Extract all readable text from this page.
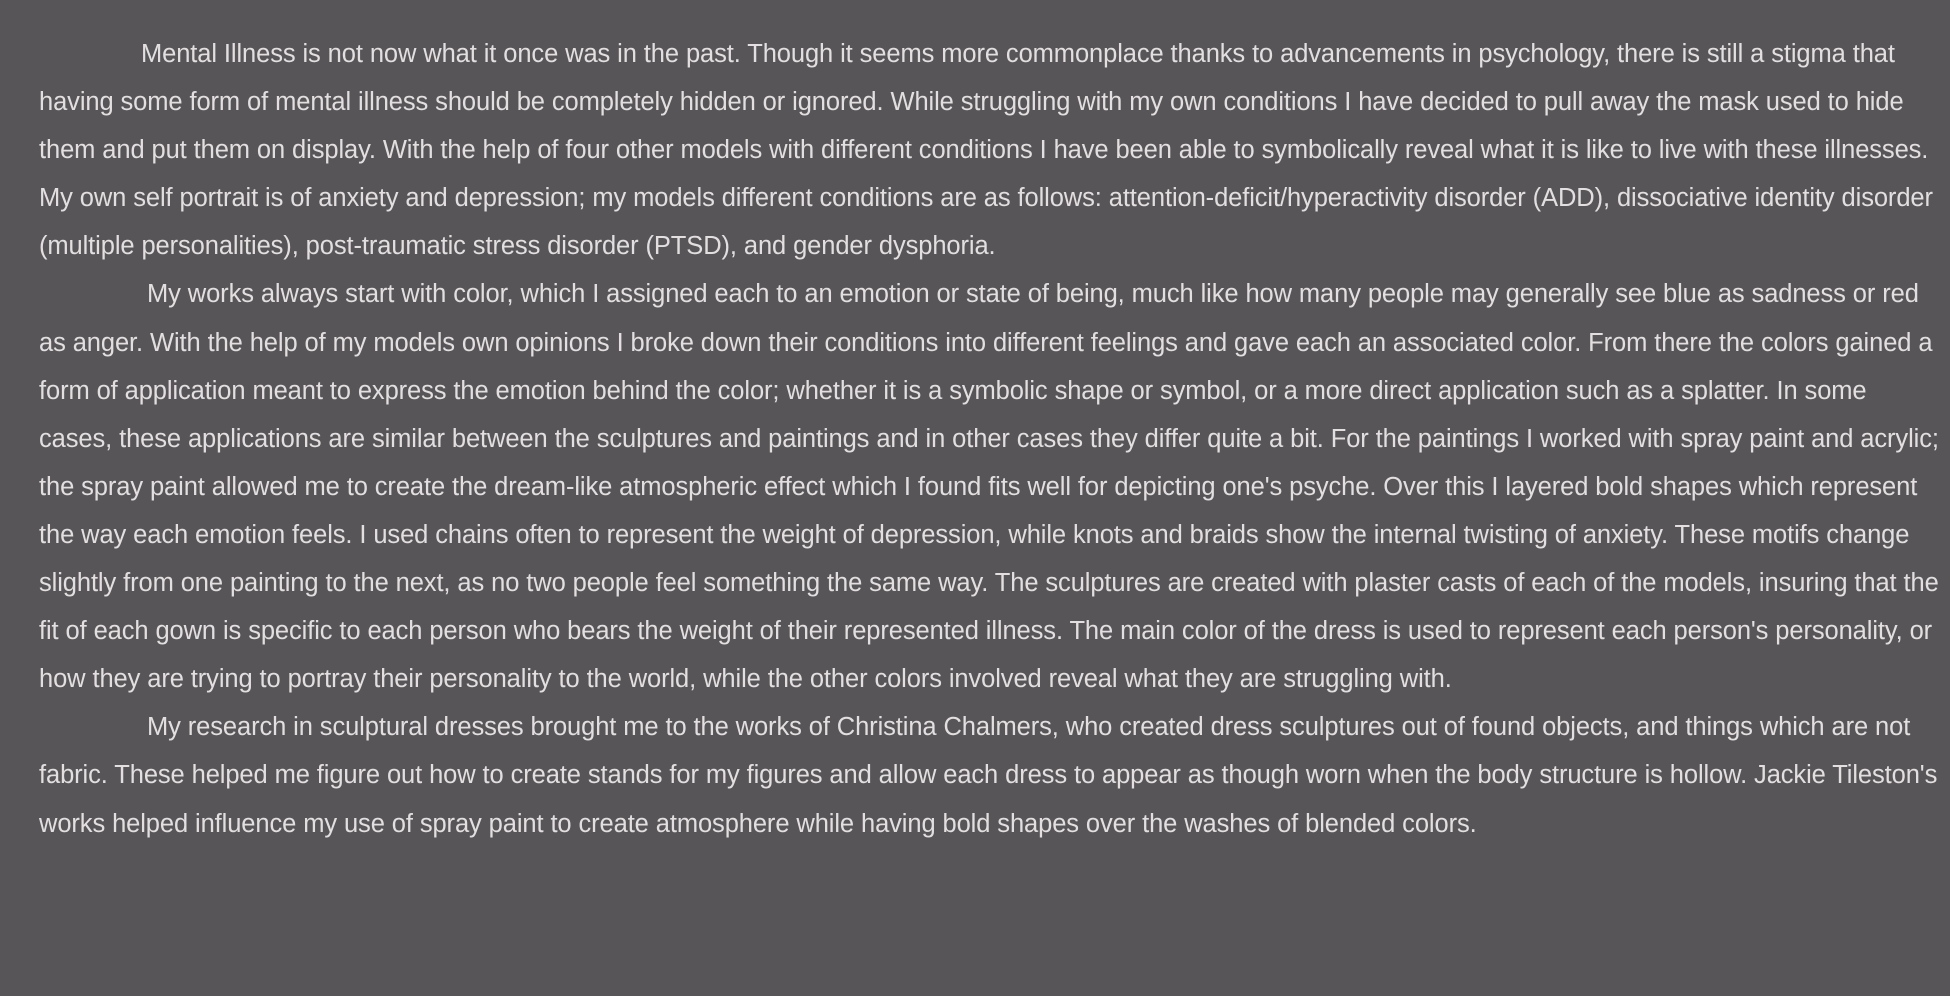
Mental Illness is not now what it once was in the past. Though it seems more commonplace thanks to advancements in psychology, there is still a stigma that having some form of mental illness should be completely hidden or ignored. While struggling with my own conditions I have decided to pull away the mask used to hide them and put them on display. With the help of four other models with different conditions I have been able to symbolically reveal what it is like to live with these illnesses. My own self portrait is of anxiety and depression; my models different conditions are as follows: attention-deficit/hyperactivity disorder (ADD), dissociative identity disorder (multiple personalities), post-traumatic stress disorder (PTSD), and gender dysphoria.

My works always start with color, which I assigned each to an emotion or state of being, much like how many people may generally see blue as sadness or red as anger. With the help of my models own opinions I broke down their conditions into different feelings and gave each an associated color. From there the colors gained a form of application meant to express the emotion behind the color; whether it is a symbolic shape or symbol, or a more direct application such as a splatter. In some cases, these applications are similar between the sculptures and paintings and in other cases they differ quite a bit. For the paintings I worked with spray paint and acrylic; the spray paint allowed me to create the dream-like atmospheric effect which I found fits well for depicting one's psyche. Over this I layered bold shapes which represent the way each emotion feels. I used chains often to represent the weight of depression, while knots and braids show the internal twisting of anxiety. These motifs change slightly from one painting to the next, as no two people feel something the same way. The sculptures are created with plaster casts of each of the models, insuring that the fit of each gown is specific to each person who bears the weight of their represented illness. The main color of the dress is used to represent each person's personality, or how they are trying to portray their personality to the world, while the other colors involved reveal what they are struggling with.

My research in sculptural dresses brought me to the works of Christina Chalmers, who created dress sculptures out of found objects, and things which are not fabric. These helped me figure out how to create stands for my figures and allow each dress to appear as though worn when the body structure is hollow. Jackie Tileston's works helped influence my use of spray paint to create atmosphere while having bold shapes over the washes of blended colors.
